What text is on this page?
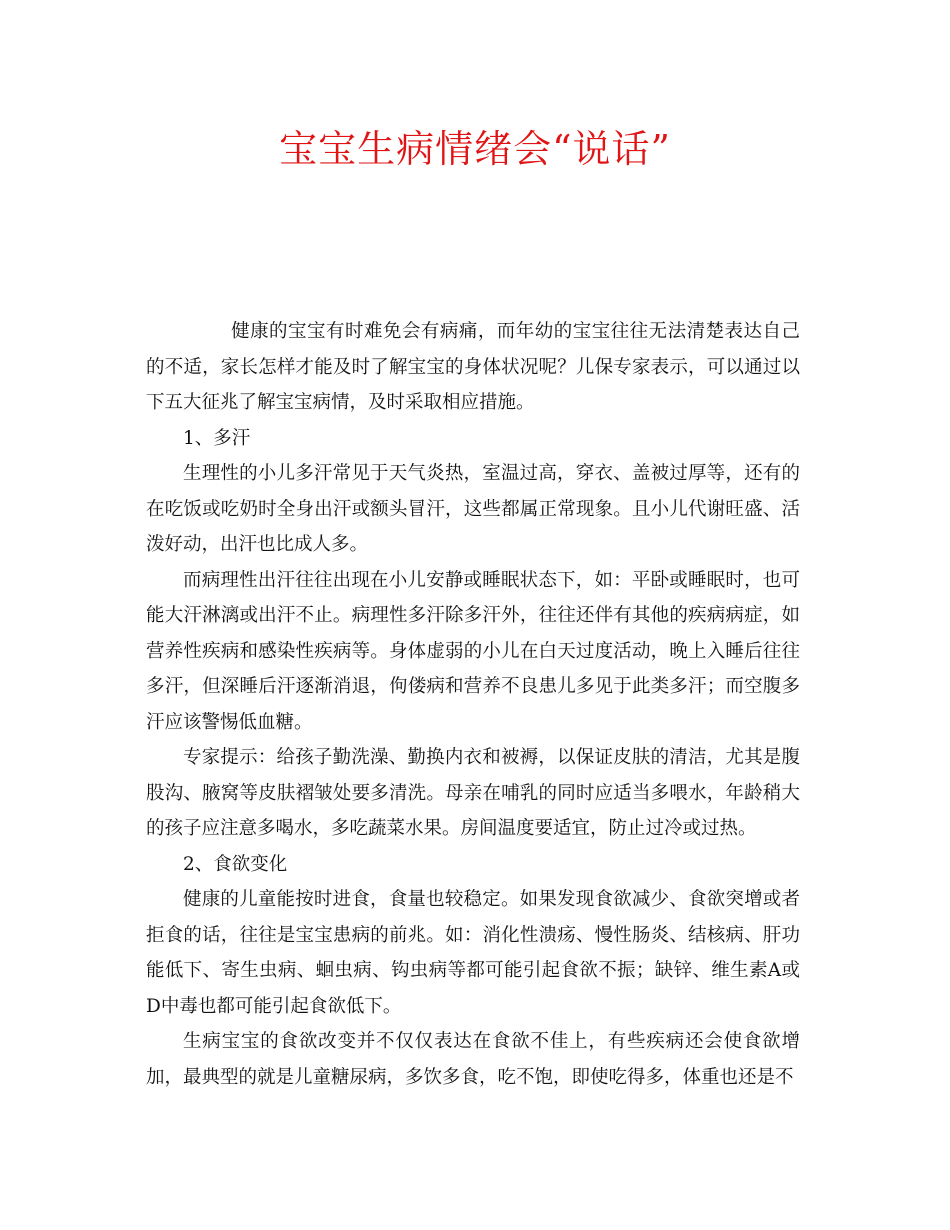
宝宝生病情绪会“说话”

健康的宝宝有时难免会有病痛，而年幼的宝宝往往无法清楚表达自己的不适，家长怎样才能及时了解宝宝的身体状况呢？儿保专家表示，可以通过以下五大征兆了解宝宝病情，及时采取相应措施。

1、多汗

生理性的小儿多汗常见于天气炎热，室温过高，穿衣、盖被过厚等，还有的在吃饭或吃奶时全身出汗或额头冒汗，这些都属正常现象。且小儿代谢旺盛、活泼好动，出汗也比成人多。

而病理性出汗往往出现在小儿安静或睡眠状态下，如：平卧或睡眠时，也可能大汗淋漓或出汗不止。病理性多汗除多汗外，往往还伴有其他的疾病病症，如营养性疾病和感染性疾病等。身体虚弱的小儿在白天过度活动，晚上入睡后往往多汗，但深睡后汗逐渐消退，佝偻病和营养不良患儿多见于此类多汗；而空腹多汗应该警惕低血糖。

专家提示：给孩子勤洗澡、勤换内衣和被褥，以保证皮肤的清洁，尤其是腹股沟、腋窝等皮肤褶皱处要多清洗。母亲在哺乳的同时应适当多喂水，年龄稍大的孩子应注意多喝水，多吃蔬菜水果。房间温度要适宜，防止过冷或过热。

2、食欲变化

健康的儿童能按时进食，食量也较稳定。如果发现食欲减少、食欲突增或者拒食的话，往往是宝宝患病的前兆。如：消化性溃疡、慢性肠炎、结核病、肝功能低下、寄生虫病、蛔虫病、钩虫病等都可能引起食欲不振；缺锌、维生素A或D中毒也都可能引起食欲低下。

生病宝宝的食欲改变并不仅仅表达在食欲不佳上，有些疾病还会使食欲增加，最典型的就是儿童糖尿病，多饮多食，吃不饱，即使吃得多，体重也还是不
